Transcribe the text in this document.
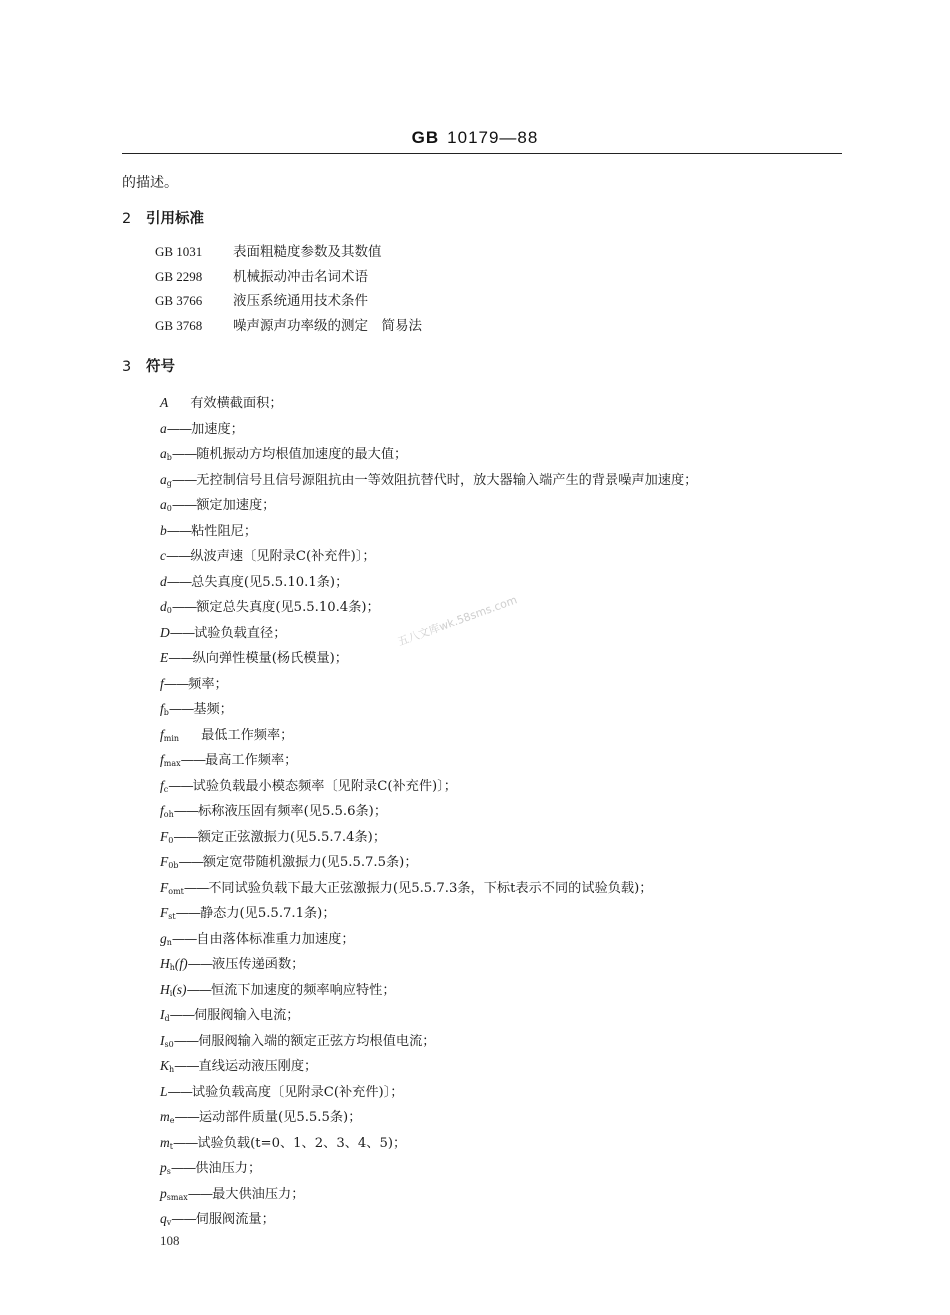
GB 10179—88
的描述。
2 引用标准
GB 1031 表面粗糙度参数及其数值
GB 2298 机械振动冲击名词术语
GB 3766 液压系统通用技术条件
GB 3768 噪声源声功率级的测定　简易法
3 符号
A 有效横截面积；
a——加速度；
$a_b——$随机振动方均根值加速度的最大值；
$a_g——$无控制信号且信号源阻抗由一等效阻抗替代时，放大器输入端产生的背景噪声加速度；
$a_0——$额定加速度；
b——粘性阻尼；
c——纵波声速〔见附录C(补充件)〕；
d——总失真度(见5.5.10.1条)；
$d_0——$额定总失真度(见5.5.10.4条)；
D——试验负载直径；
E——纵向弹性模量(杨氏模量)；
f——频率；
$f_b——$基频；
$f_{min}$ 最低工作频率；
$f_{max}——$最高工作频率；
$f_c——$试验负载最小模态频率〔见附录C(补充件)〕；
$f_{oh}——$标称液压固有频率(见5.5.6条)；
$F_0——$额定正弦激振力(见5.5.7.4条)；
$F_{0b}——$额定宽带随机激振力(见5.5.7.5条)；
$F_{omt}——$不同试验负载下最大正弦激振力(见5.5.7.3条，下标t表示不同的试验负载)；
$F_{st}——$静态力(见5.5.7.1条)；
$g_n——$自由落体标准重力加速度；
$H_h(f)——$液压传递函数；
$H_i(s)——$恒流下加速度的频率响应特性；
$I_d——$伺服阀输入电流；
$I_{s0}——$伺服阀输入端的额定正弦方均根值电流；
$K_h——$直线运动液压刚度；
L——试验负载高度〔见附录C(补充件)〕；
$m_e——$运动部件质量(见5.5.5条)；
$m_t——$试验负载(t=0、1、2、3、4、5)；
$p_s——$供油压力；
$p_{smax}——$最大供油压力；
$q_v——$伺服阀流量；
五八文库wk.58sms.com
108
